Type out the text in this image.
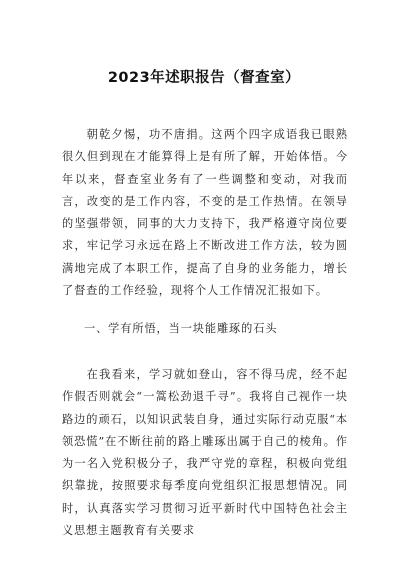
2023年述职报告（督查室）

朝乾夕惕，功不唐捐。这两个四字成语我已眼熟很久但到现在才能算得上是有所了解，开始体悟。今年以来，督查室业务有了一些调整和变动，对我而言，改变的是工作内容，不变的是工作热情。在领导的坚强带领，同事的大力支持下，我严格遵守岗位要求，牢记学习永远在路上不断改进工作方法，较为圆满地完成了本职工作，提高了自身的业务能力，增长了督查的工作经验，现将个人工作情况汇报如下。

一、学有所悟，当一块能雕琢的石头

在我看来，学习就如登山，容不得马虎，经不起作假否则就会“一篙松劲退千寻”。我将自己视作一块路边的顽石，以知识武装自身，通过实际行动克服“本领恐慌”在不断往前的路上雕琢出属于自己的棱角。作为一名入党积极分子，我严守党的章程，积极向党组织靠拢，按照要求每季度向党组织汇报思想情况。同时，认真落实学习贯彻习近平新时代中国特色社会主义思想主题教育有关要求
